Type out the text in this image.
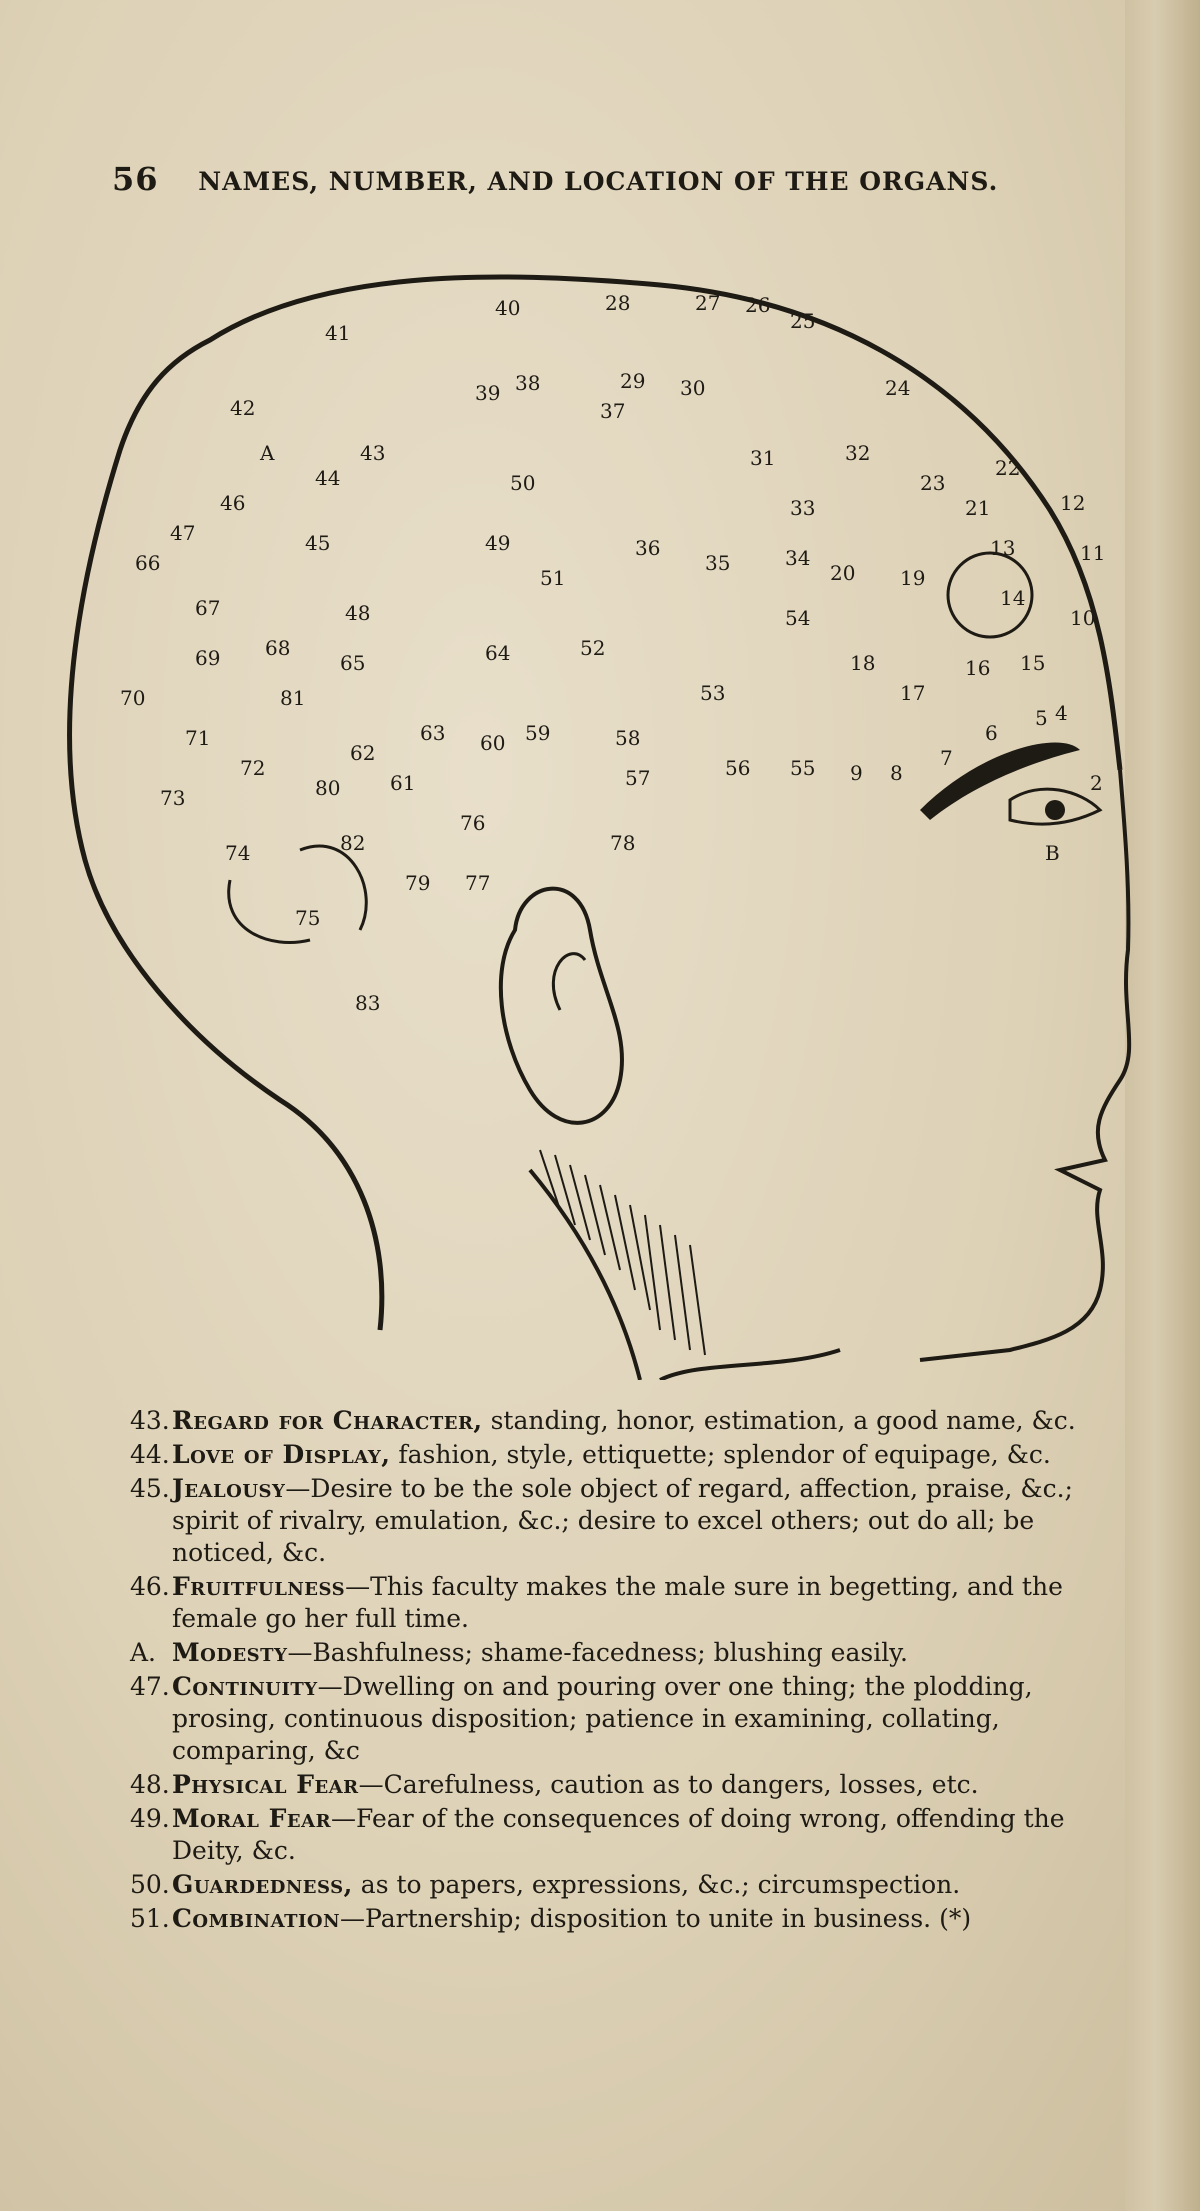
56 NAMES, NUMBER, AND LOCATION OF THE ORGANS.
40	28	27 26
25
41
39 38	29
37
30	24
42
A	43
44
31	32
23
22
12
46
47
50
33	21
13	11
66
45	49	36
35	34
20 19
14
67	48
51
54	10
69 68
65	64	52
18	16 15
70	81	53	17
5 4
71	63 60 59	58	6
72
62
61	57	56 55 9 8
7
73	80	2
76
78
74	82
79 77
75
B
83
43. Regard for Character, standing, honor, estimation, a good name, &c.
44. Love of Display, fashion, style, ettiquette; splendor of equipage, &c.
45. Jealousy—Desire to be the sole object of regard, affection, praise, &c.; spirit of rivalry, emulation, &c.; desire to excel others; out do all; be noticed, &c.
46. Fruitfulness—This faculty makes the male sure in begetting, and the female go her full time.
A. Modesty—Bashfulness; shame-facedness; blushing easily.
47. Continuity—Dwelling on and pouring over one thing; the plodding, prosing, continuous disposition; patience in examining, collating, comparing, &c
48. Physical Fear—Carefulness, caution as to dangers, losses, etc.
49. Moral Fear—Fear of the consequences of doing wrong, offending the Deity, &c.
50. Guardedness, as to papers, expressions, &c.; circumspection.
51. Combination—Partnership; disposition to unite in business. (*)
